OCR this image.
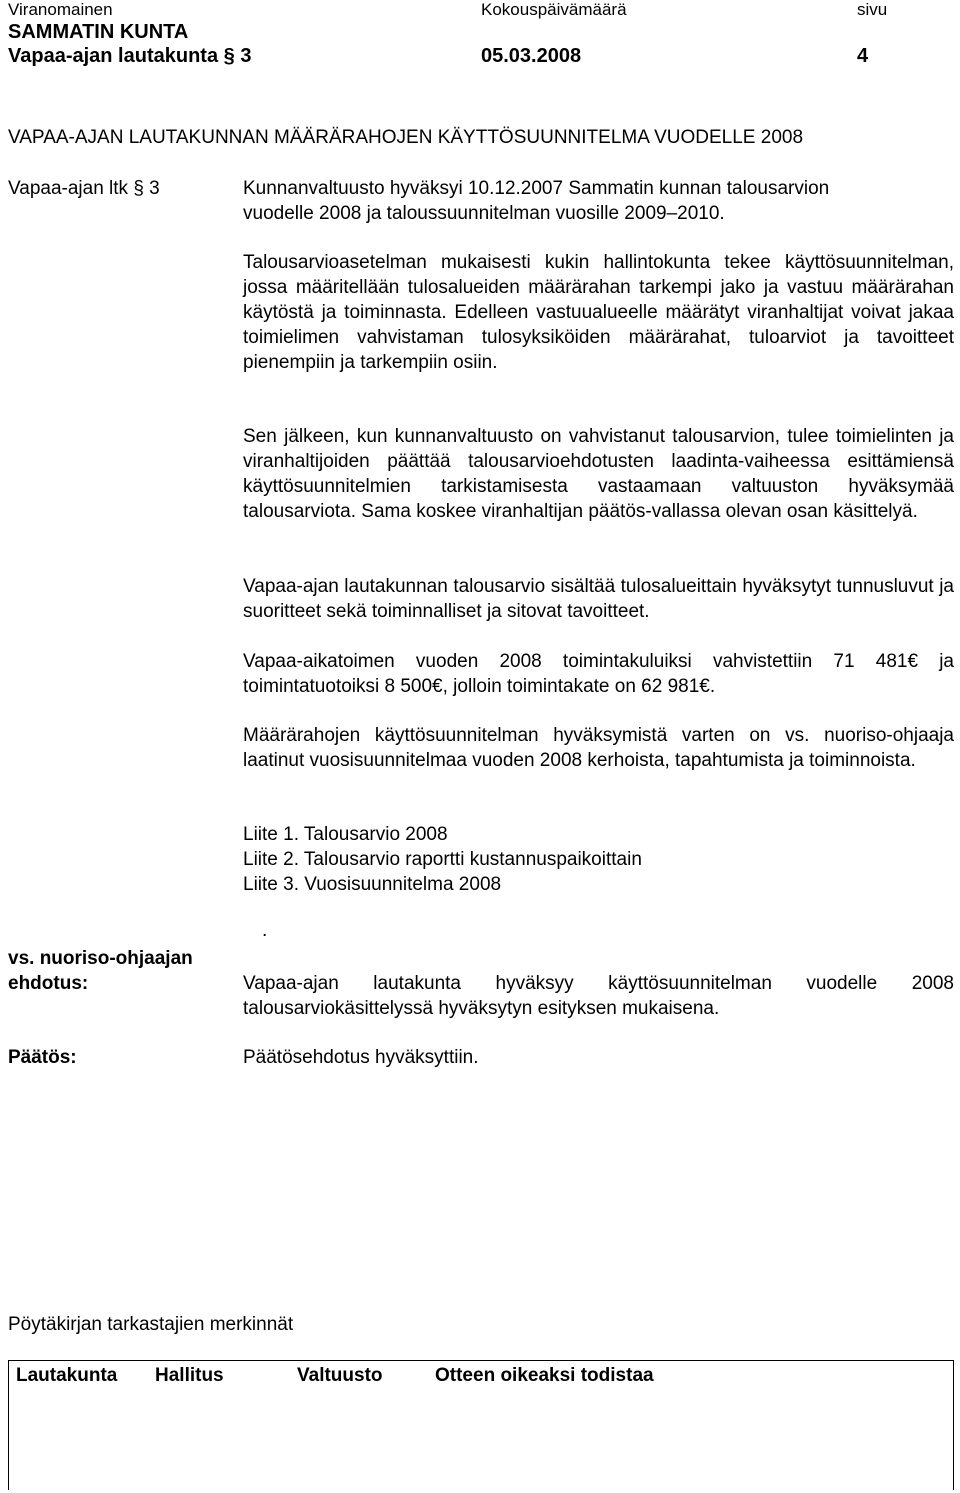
Viranomainen	Kokouspäivämäärä	sivu
SAMMATIN KUNTA
Vapaa-ajan lautakunta § 3	05.03.2008	4
VAPAA-AJAN LAUTAKUNNAN MÄÄRÄRAHOJEN KÄYTTÖSUUNNITELMA VUODELLE 2008
Vapaa-ajan ltk § 3	Kunnanvaltuusto hyväksyi 10.12.2007 Sammatin kunnan talousarvion
vuodelle 2008 ja taloussuunnitelman vuosille 2009–2010.

Talousarvioasetelman mukaisesti kukin hallintokunta tekee käyttösuunnitelman, jossa määritellään tulosalueiden määrärahan tarkempi jako ja vastuu määrärahan käytöstä ja toiminnasta. Edelleen vastuualueelle määrätyt viranhaltijat voivat jakaa toimielimen vahvistaman tulosyksiköiden määrärahat, tuloarviot ja tavoitteet pienempiin ja tarkempiin osiin.

Sen jälkeen, kun kunnanvaltuusto on vahvistanut talousarvion, tulee toimielinten ja viranhaltijoiden päättää talousarvioehdotusten laadinta-vaiheessa esittämiensä käyttösuunnitelmien tarkistamisesta vastaamaan valtuuston hyväksymää talousarviota. Sama koskee viranhaltijan päätös-vallassa olevan osan käsittelyä.

Vapaa-ajan lautakunnan talousarvio sisältää tulosalueittain hyväksytyt tunnusluvut ja suoritteet sekä toiminnalliset ja sitovat tavoitteet.

Vapaa-aikatoimen vuoden 2008 toimintakuluiksi vahvistettiin 71 481€ ja toimintatuotoiksi 8 500€, jolloin toimintakate on 62 981€.

Määrärahojen käyttösuunnitelman hyväksymistä varten on vs. nuoriso-ohjaaja laatinut vuosisuunnitelmaa vuoden 2008 kerhoista, tapahtumista ja toiminnoista.

Liite 1. Talousarvio 2008
Liite 2. Talousarvio raportti kustannuspaikoittain
Liite 3. Vuosisuunnitelma 2008
.
vs. nuoriso-ohjaajan
ehdotus:	Vapaa-ajan lautakunta hyväksyy käyttösuunnitelman vuodelle 2008 talousarviokäsittelyssä hyväksytyn esityksen mukaisena.

Päätös:	Päätösehdotus hyväksyttiin.
Pöytäkirjan tarkastajien merkinnät
Lautakunta Hallitus	Valtuusto	Otteen oikeaksi todistaa
